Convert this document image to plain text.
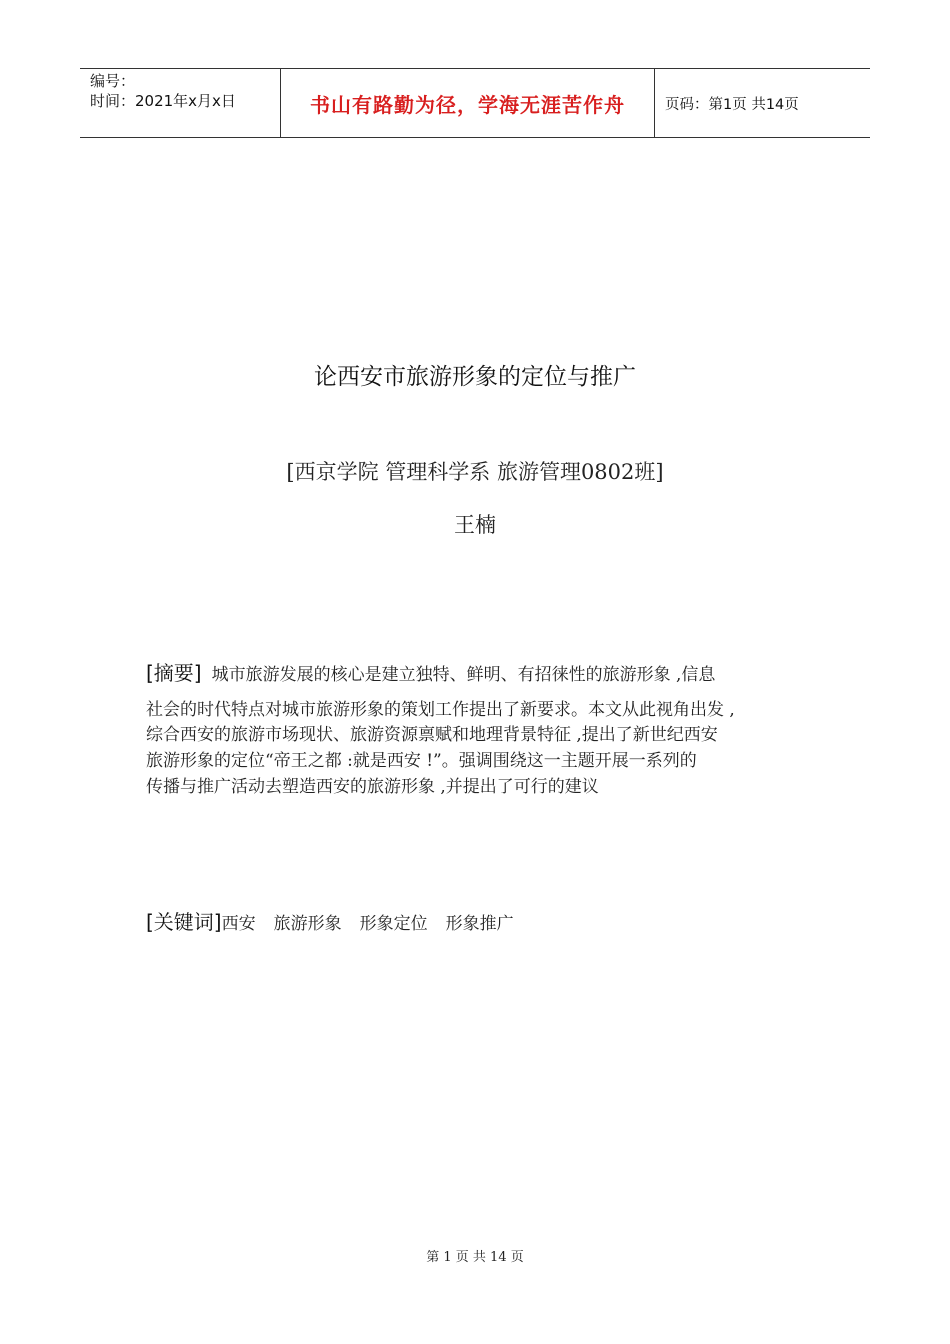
编号：
时间：2021年x月x日	书山有路勤为径，学海无涯苦作舟	页码：第1页 共14页
论西安市旅游形象的定位与推广
[西京学院 管理科学系 旅游管理0802班]
王楠
[摘要] 城市旅游发展的核心是建立独特、鲜明、有招徕性的旅游形象 ,信息
社会的时代特点对城市旅游形象的策划工作提出了新要求。本文从此视角出发 ,
综合西安的旅游市场现状、旅游资源禀赋和地理背景特征 ,提出了新世纪西安
旅游形象的定位“帝王之都 :就是西安 !”。强调围绕这一主题开展一系列的
传播与推广活动去塑造西安的旅游形象 ,并提出了可行的建议
[关键词]西安 旅游形象 形象定位 形象推广
第 1 页 共 14 页
